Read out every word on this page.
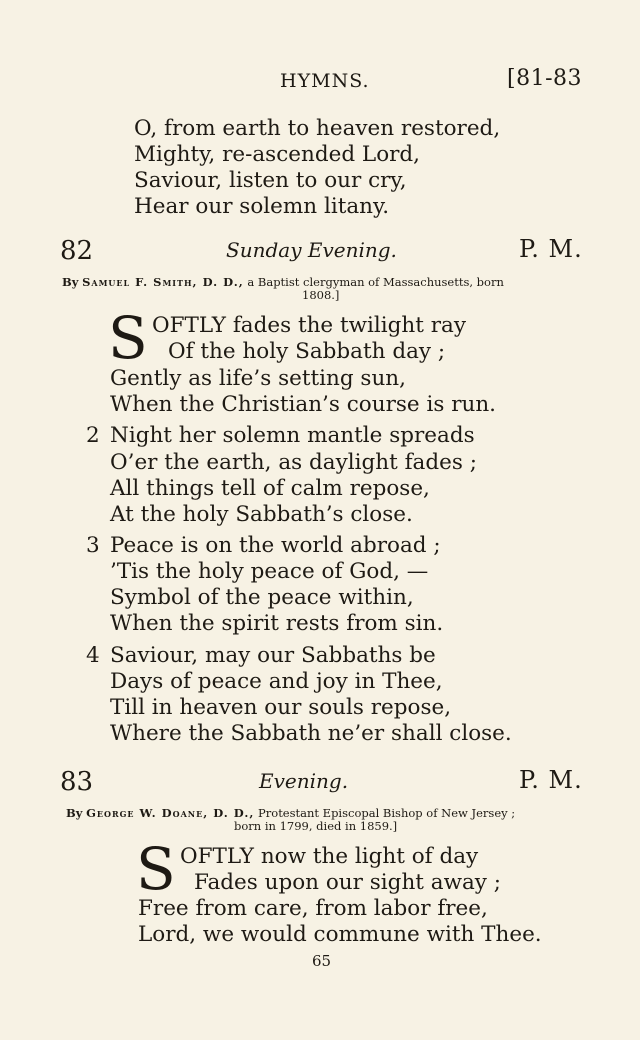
HYMNS.	[81-83
O, from earth to heaven restored,
Mighty, re-ascended Lord,
Saviour, listen to our cry,
Hear our solemn litany.
82	Sunday Evening.	P. M.
By Samuel F. Smith, D. D., a Baptist clergyman of Massachusetts, born
1808.]
S OFTLY fades the twilight ray
Of the holy Sabbath day ;
Gently as life’s setting sun,
When the Christian’s course is run.
2 Night her solemn mantle spreads
O’er the earth, as daylight fades ;
All things tell of calm repose,
At the holy Sabbath’s close.
3 Peace is on the world abroad ;
’Tis the holy peace of God, —
Symbol of the peace within,
When the spirit rests from sin.
4 Saviour, may our Sabbaths be
Days of peace and joy in Thee,
Till in heaven our souls repose,
Where the Sabbath ne’er shall close.
83	Evening.	P. M.
By George W. Doane, D. D., Protestant Episcopal Bishop of New Jersey ;
born in 1799, died in 1859.]
S OFTLY now the light of day
Fades upon our sight away ;
Free from care, from labor free,
Lord, we would commune with Thee.
65
